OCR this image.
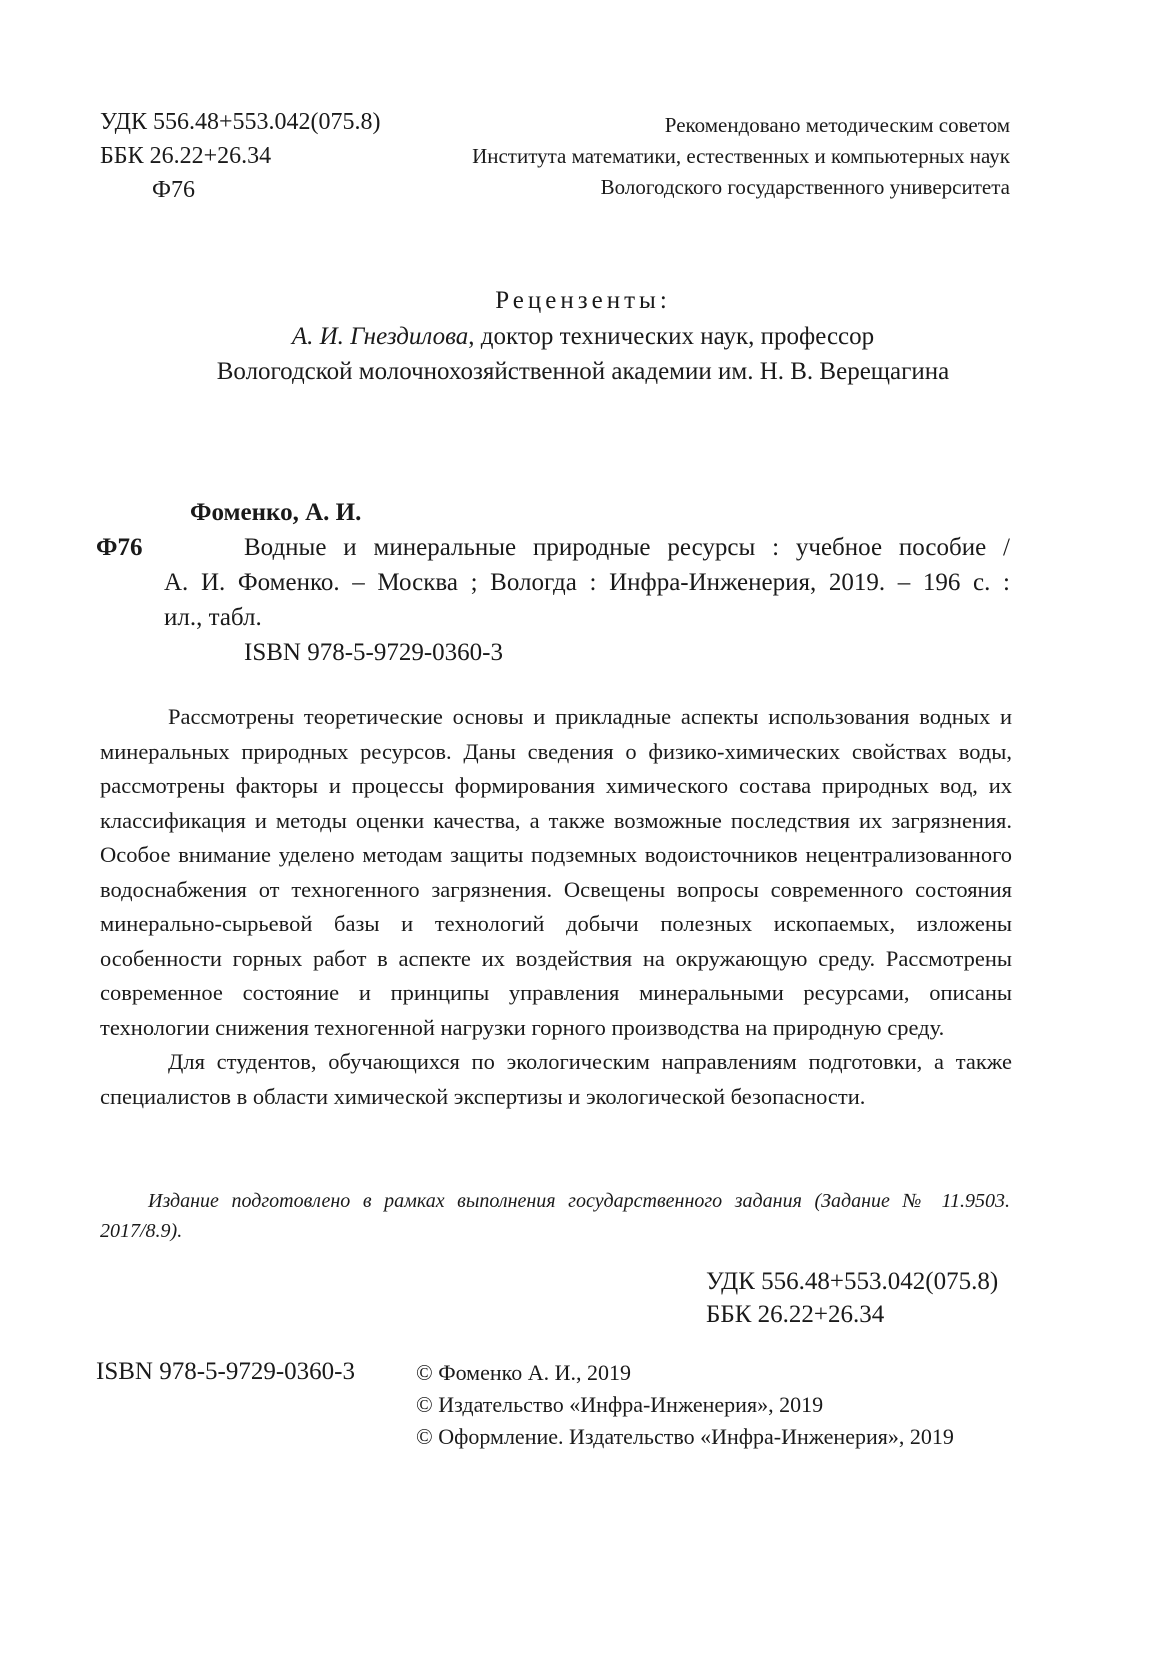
УДК 556.48+553.042(075.8)
ББК 26.22+26.34
Ф76
Рекомендовано методическим советом
Института математики, естественных и компьютерных наук
Вологодского государственного университета
Рецензенты:
А. И. Гнездилова, доктор технических наук, профессор
Вологодской молочнохозяйственной академии им. Н. В. Верещагина
Фоменко, А. И.
Ф76	Водные и минеральные природные ресурсы : учебное пособие /
А. И. Фоменко. – Москва ; Вологда : Инфра-Инженерия, 2019. – 196 с. :
ил., табл.
ISBN 978-5-9729-0360-3

Рассмотрены теоретические основы и прикладные аспекты использования водных и минеральных природных ресурсов. Даны сведения о физико-химических свойствах воды, рассмотрены факторы и процессы формирования химического состава природных вод, их классификация и методы оценки качества, а также возможные последствия их загрязнения. Особое внимание уделено методам защиты подземных водоисточников нецентрализованного водоснабжения от техногенного загрязнения. Освещены вопросы современного состояния минерально-сырьевой базы и технологий добычи полезных ископаемых, изложены особенности горных работ в аспекте их воздействия на окружающую среду. Рассмотрены современное состояние и принципы управления минеральными ресурсами, описаны технологии снижения техногенной нагрузки горного производства на природную среду.

Для студентов, обучающихся по экологическим направлениям подготовки, а также специалистов в области химической экспертизы и экологической безопасности.

Издание подготовлено в рамках выполнения государственного задания (Задание № 11.9503. 2017/8.9).
УДК 556.48+553.042(075.8)
ББК 26.22+26.34
ISBN 978-5-9729-0360-3	© Фоменко А. И., 2019
© Издательство «Инфра-Инженерия», 2019
© Оформление. Издательство «Инфра-Инженерия», 2019
